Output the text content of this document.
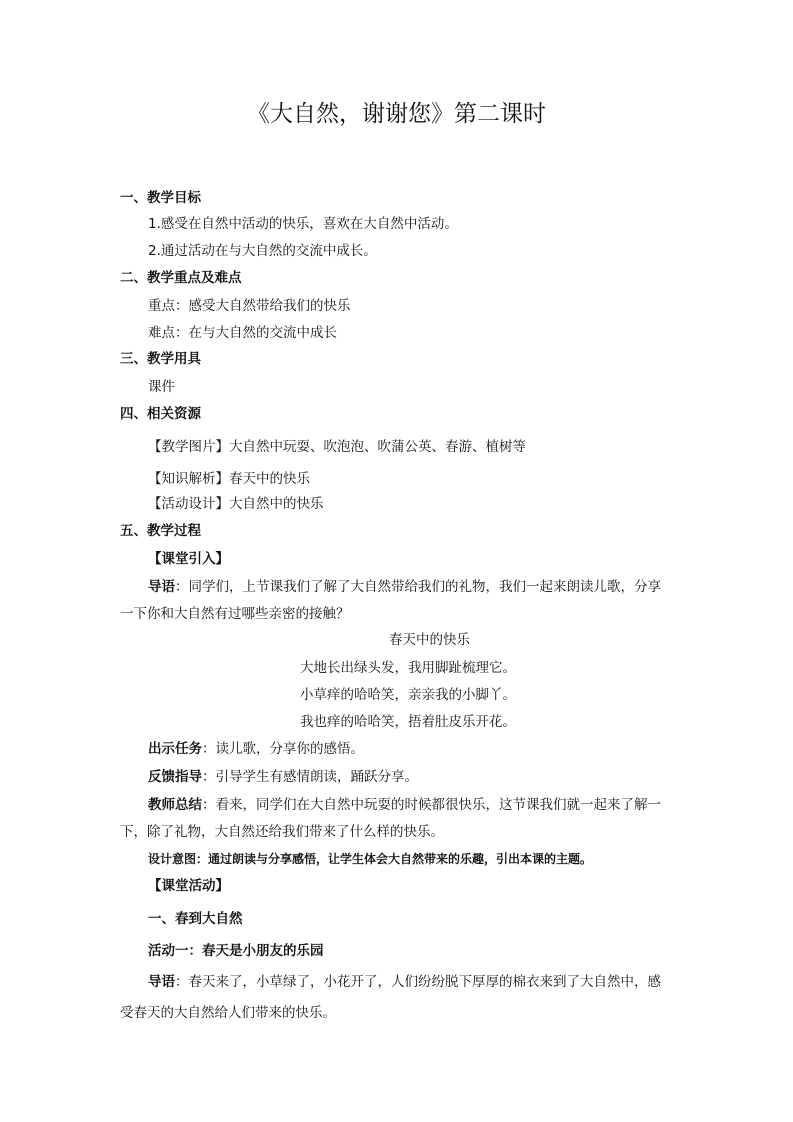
《大自然，谢谢您》第二课时
一、教学目标
1.感受在自然中活动的快乐，喜欢在大自然中活动。
2.通过活动在与大自然的交流中成长。
二、教学重点及难点
重点：感受大自然带给我们的快乐
难点：在与大自然的交流中成长
三、教学用具
课件
四、相关资源
【教学图片】大自然中玩耍、吹泡泡、吹蒲公英、春游、植树等
【知识解析】春天中的快乐
【活动设计】大自然中的快乐
五、教学过程
【课堂引入】
导语：同学们，上节课我们了解了大自然带给我们的礼物，我们一起来朗读儿歌，分享
一下你和大自然有过哪些亲密的接触？
春天中的快乐
大地长出绿头发，我用脚趾梳理它。
小草痒的哈哈笑，亲亲我的小脚丫。
我也痒的哈哈笑，捂着肚皮乐开花。
出示任务：读儿歌，分享你的感悟。
反馈指导：引导学生有感情朗读，踊跃分享。
教师总结：看来，同学们在大自然中玩耍的时候都很快乐，这节课我们就一起来了解一
下，除了礼物，大自然还给我们带来了什么样的快乐。
设计意图：通过朗读与分享感悟，让学生体会大自然带来的乐趣，引出本课的主题。
【课堂活动】
一、春到大自然
活动一：春天是小朋友的乐园
导语：春天来了，小草绿了，小花开了，人们纷纷脱下厚厚的棉衣来到了大自然中，感
受春天的大自然给人们带来的快乐。
